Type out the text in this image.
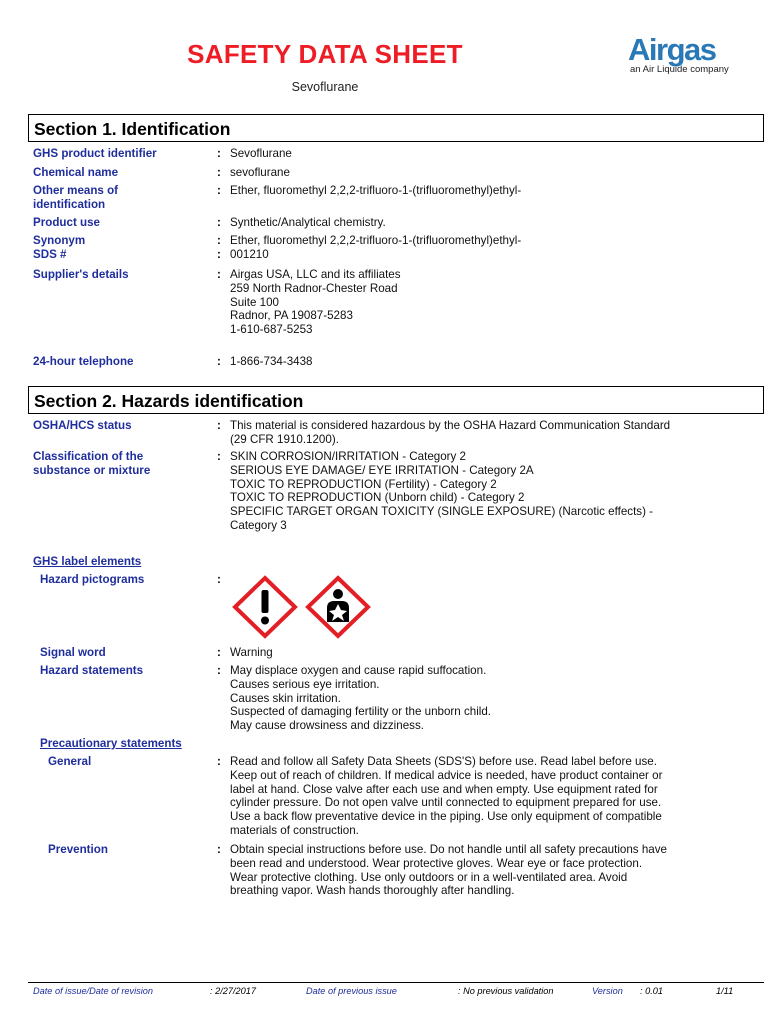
SAFETY DATA SHEET
Sevoflurane
Airgas
an Air Liquide company
Section 1. Identification
GHS product identifier	: Sevoflurane
Chemical name	: sevoflurane
Other means of
identification
: Ether, fluoromethyl 2,2,2-trifluoro-1-(trifluoromethyl)ethyl-
Product use	: Synthetic/Analytical chemistry.
Synonym	: Ether, fluoromethyl 2,2,2-trifluoro-1-(trifluoromethyl)ethyl-
SDS #	: 001210
Supplier's details	: Airgas USA, LLC and its affiliates
259 North Radnor-Chester Road
Suite 100
Radnor, PA 19087-5283
1-610-687-5253
24-hour telephone	: 1-866-734-3438
Section 2. Hazards identification
OSHA/HCS status	: This material is considered hazardous by the OSHA Hazard Communication Standard
(29 CFR 1910.1200).
Classification of the
substance or mixture
: SKIN CORROSION/IRRITATION - Category 2
SERIOUS EYE DAMAGE/ EYE IRRITATION - Category 2A
TOXIC TO REPRODUCTION (Fertility) - Category 2
TOXIC TO REPRODUCTION (Unborn child) - Category 2
SPECIFIC TARGET ORGAN TOXICITY (SINGLE EXPOSURE) (Narcotic effects) -
Category 3
GHS label elements
Hazard pictograms	:
Signal word	: Warning
Hazard statements	: May displace oxygen and cause rapid suffocation.
Causes serious eye irritation.
Causes skin irritation.
Suspected of damaging fertility or the unborn child.
May cause drowsiness and dizziness.
Precautionary statements
General	: Read and follow all Safety Data Sheets (SDS'S) before use. Read label before use.
Keep out of reach of children. If medical advice is needed, have product container or
label at hand. Close valve after each use and when empty. Use equipment rated for
cylinder pressure. Do not open valve until connected to equipment prepared for use.
Use a back flow preventative device in the piping. Use only equipment of compatible
materials of construction.
Prevention	: Obtain special instructions before use. Do not handle until all safety precautions have
been read and understood. Wear protective gloves. Wear eye or face protection.
Wear protective clothing. Use only outdoors or in a well-ventilated area. Avoid
breathing vapor. Wash hands thoroughly after handling.
Date of issue/Date of revision	: 2/27/2017	Date of previous issue	: No previous validation	Version : 0.01	1/11
